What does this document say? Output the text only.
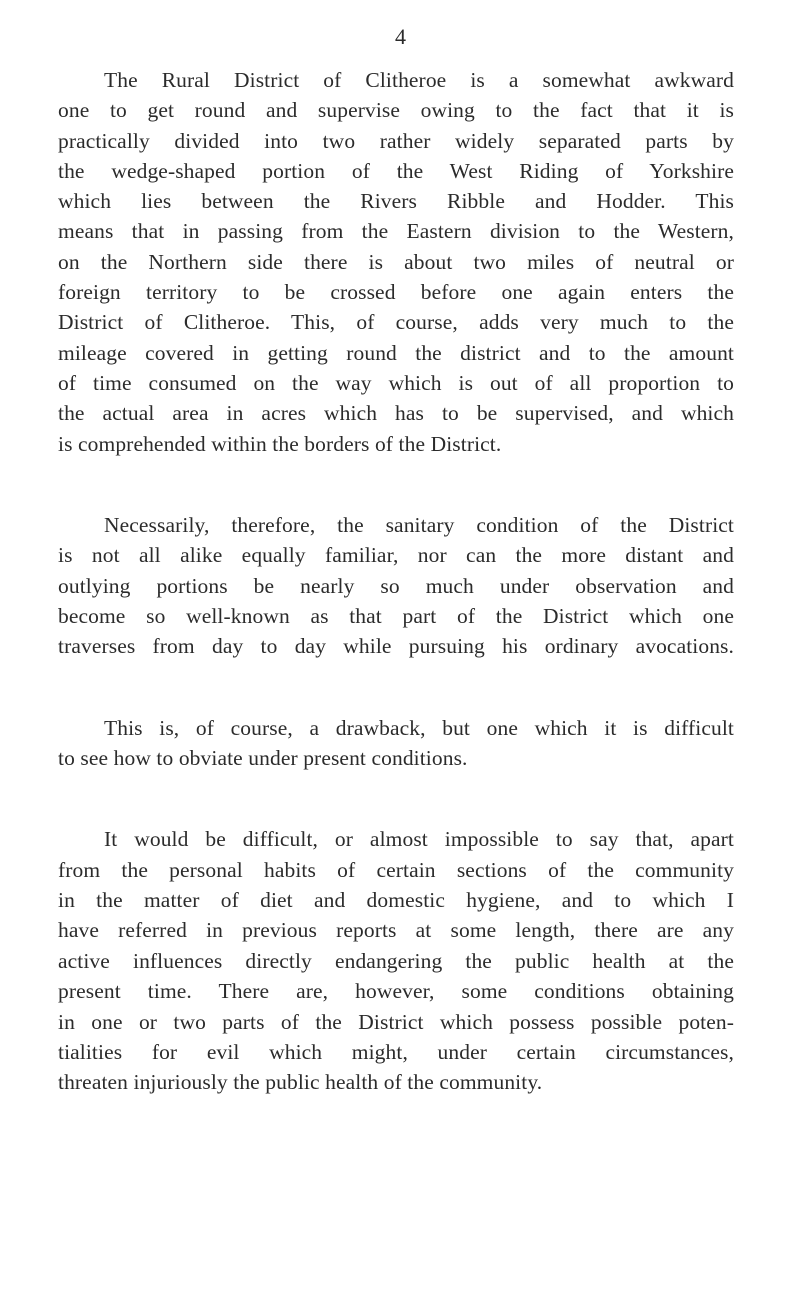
4
The Rural District of Clitheroe is a somewhat awkward
one to get round and supervise owing to the fact that it is
practically divided into two rather widely separated parts by
the wedge-shaped portion of the West Riding of Yorkshire
which lies between the Rivers Ribble and Hodder. This
means that in passing from the Eastern division to the Western,
on the Northern side there is about two miles of neutral or
foreign territory to be crossed before one again enters the
District of Clitheroe. This, of course, adds very much to the
mileage covered in getting round the district and to the amount
of time consumed on the way which is out of all proportion to
the actual area in acres which has to be supervised, and which
is comprehended within the borders of the District.
Necessarily, therefore, the sanitary condition of the District
is not all alike equally familiar, nor can the more distant and
outlying portions be nearly so much under observation and
become so well-known as that part of the District which one
traverses from day to day while pursuing his ordinary avocations.
This is, of course, a drawback, but one which it is difficult
to see how to obviate under present conditions.
It would be difficult, or almost impossible to say that, apart
from the personal habits of certain sections of the community
in the matter of diet and domestic hygiene, and to which I
have referred in previous reports at some length, there are any
active influences directly endangering the public health at the
present time. There are, however, some conditions obtaining
in one or two parts of the District which possess possible poten-
tialities for evil which might, under certain circumstances,
threaten injuriously the public health of the community.
